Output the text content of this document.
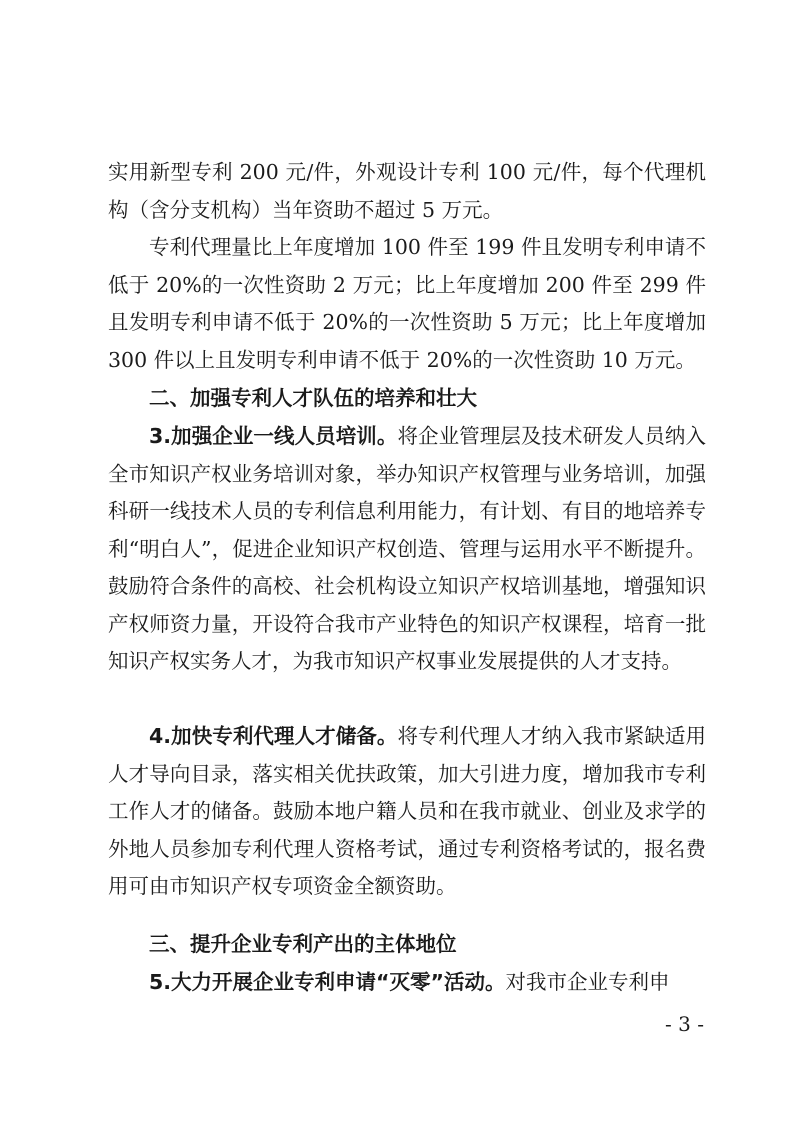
实用新型专利 200 元/件，外观设计专利 100 元/件，每个代理机构（含分支机构）当年资助不超过 5 万元。

专利代理量比上年度增加 100 件至 199 件且发明专利申请不低于 20%的一次性资助 2 万元；比上年度增加 200 件至 299 件且发明专利申请不低于 20%的一次性资助 5 万元；比上年度增加 300 件以上且发明专利申请不低于 20%的一次性资助 10 万元。

二、加强专利人才队伍的培养和壮大

3.加强企业一线人员培训。将企业管理层及技术研发人员纳入全市知识产权业务培训对象，举办知识产权管理与业务培训，加强科研一线技术人员的专利信息利用能力，有计划、有目的地培养专利“明白人”，促进企业知识产权创造、管理与运用水平不断提升。鼓励符合条件的高校、社会机构设立知识产权培训基地，增强知识产权师资力量，开设符合我市产业特色的知识产权课程，培育一批知识产权实务人才，为我市知识产权事业发展提供的人才支持。

4.加快专利代理人才储备。将专利代理人才纳入我市紧缺适用人才导向目录，落实相关优扶政策，加大引进力度，增加我市专利工作人才的储备。鼓励本地户籍人员和在我市就业、创业及求学的外地人员参加专利代理人资格考试，通过专利资格考试的，报名费用可由市知识产权专项资金全额资助。

三、提升企业专利产出的主体地位

5.大力开展企业专利申请“灭零”活动。对我市企业专利申

- 3 -
